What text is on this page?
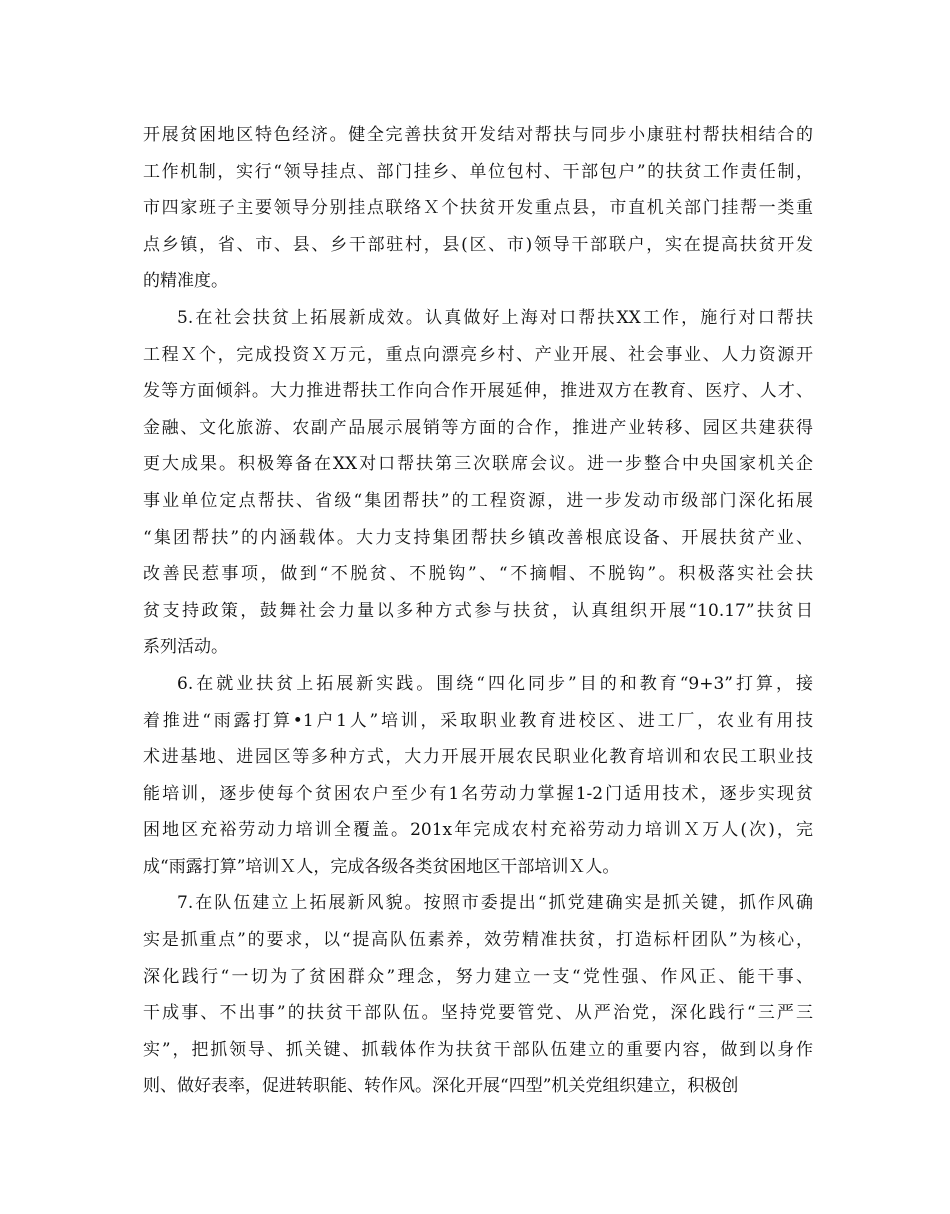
开展贫困地区特色经济。健全完善扶贫开发结对帮扶与同步小康驻村帮扶相结合的
工作机制，实行“领导挂点、部门挂乡、单位包村、干部包户”的扶贫工作责任制，
市四家班子主要领导分别挂点联络Ｘ个扶贫开发重点县，市直机关部门挂帮一类重
点乡镇，省、市、县、乡干部驻村，县(区、市)领导干部联户，实在提高扶贫开发
的精准度。
5.在社会扶贫上拓展新成效。认真做好上海对口帮扶XX工作，施行对口帮扶
工程Ｘ个，完成投资Ｘ万元，重点向漂亮乡村、产业开展、社会事业、人力资源开
发等方面倾斜。大力推进帮扶工作向合作开展延伸，推进双方在教育、医疗、人才、
金融、文化旅游、农副产品展示展销等方面的合作，推进产业转移、园区共建获得
更大成果。积极筹备在XX对口帮扶第三次联席会议。进一步整合中央国家机关企
事业单位定点帮扶、省级“集团帮扶”的工程资源，进一步发动市级部门深化拓展
“集团帮扶”的内涵载体。大力支持集团帮扶乡镇改善根底设备、开展扶贫产业、
改善民惹事项，做到“不脱贫、不脱钩”、“不摘帽、不脱钩”。积极落实社会扶
贫支持政策，鼓舞社会力量以多种方式参与扶贫，认真组织开展“10.17”扶贫日
系列活动。
6.在就业扶贫上拓展新实践。围绕“四化同步”目的和教育“9+3”打算，接
着推进“雨露打算•1户1人”培训，采取职业教育进校区、进工厂，农业有用技
术进基地、进园区等多种方式，大力开展开展农民职业化教育培训和农民工职业技
能培训，逐步使每个贫困农户至少有1名劳动力掌握1-2门适用技术，逐步实现贫
困地区充裕劳动力培训全覆盖。201x年完成农村充裕劳动力培训Ｘ万人(次)，完
成“雨露打算”培训Ｘ人，完成各级各类贫困地区干部培训Ｘ人。
7.在队伍建立上拓展新风貌。按照市委提出“抓党建确实是抓关键，抓作风确
实是抓重点”的要求，以“提高队伍素养，效劳精准扶贫，打造标杆团队”为核心，
深化践行“一切为了贫困群众”理念，努力建立一支“党性强、作风正、能干事、
干成事、不出事”的扶贫干部队伍。坚持党要管党、从严治党，深化践行“三严三
实”，把抓领导、抓关键、抓载体作为扶贫干部队伍建立的重要内容，做到以身作
则、做好表率，促进转职能、转作风。深化开展“四型”机关党组织建立，积极创
